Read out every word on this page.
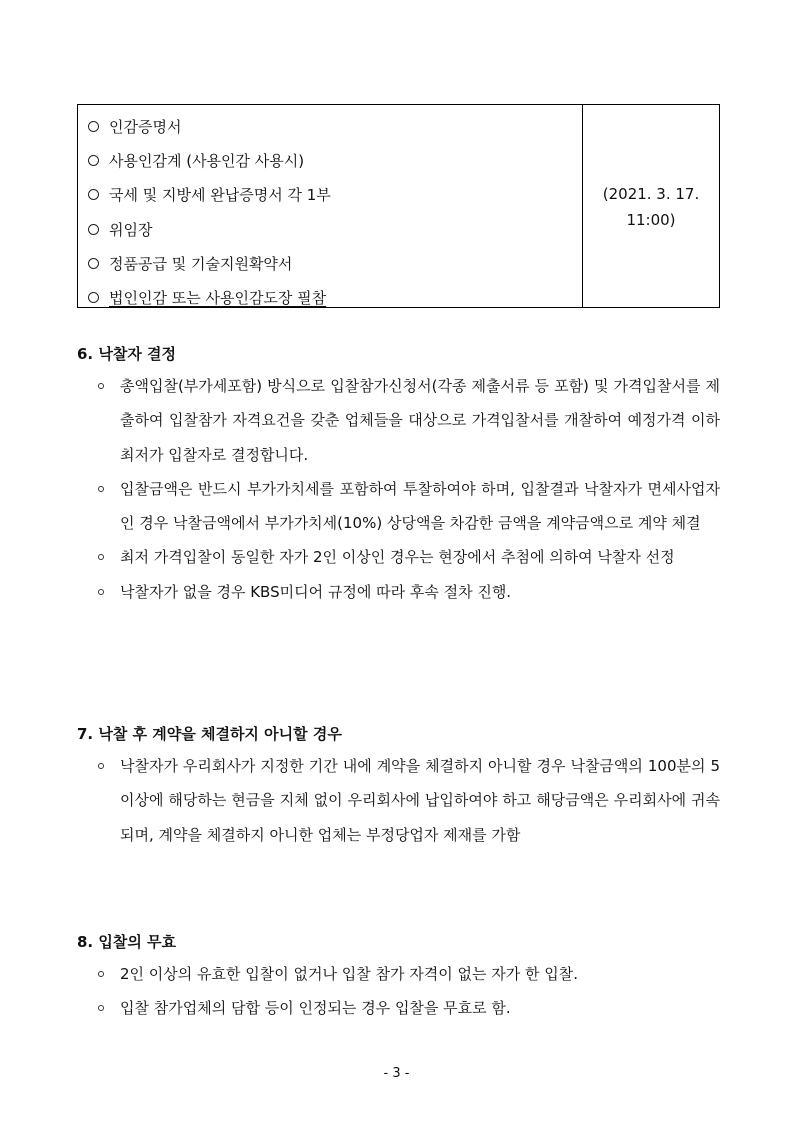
인감증명서
사용인감계 (사용인감 사용시)
국세 및 지방세 완납증명서 각 1부
위임장
정품공급 및 기술지원확약서
법인인감 또는 사용인감도장 필참
(2021. 3. 17.
11:00)
6. 낙찰자 결정
총액입찰(부가세포함) 방식으로 입찰참가신청서(각종 제출서류 등 포함) 및 가격입찰서를 제출하여 입찰참가 자격요건을 갖춘 업체들을 대상으로 가격입찰서를 개찰하여 예정가격 이하 최저가 입찰자로 결정합니다.
입찰금액은 반드시 부가가치세를 포함하여 투찰하여야 하며, 입찰결과 낙찰자가 면세사업자인 경우 낙찰금액에서 부가가치세(10%) 상당액을 차감한 금액을 계약금액으로 계약 체결
최저 가격입찰이 동일한 자가 2인 이상인 경우는 현장에서 추첨에 의하여 낙찰자 선정
낙찰자가 없을 경우 KBS미디어 규정에 따라 후속 절차 진행.
7. 낙찰 후 계약을 체결하지 아니할 경우
낙찰자가 우리회사가 지정한 기간 내에 계약을 체결하지 아니할 경우 낙찰금액의 100분의 5 이상에 해당하는 현금을 지체 없이 우리회사에 납입하여야 하고 해당금액은 우리회사에 귀속되며, 계약을 체결하지 아니한 업체는 부정당업자 제재를 가함
8. 입찰의 무효
2인 이상의 유효한 입찰이 없거나 입찰 참가 자격이 없는 자가 한 입찰.
입찰 참가업체의 담합 등이 인정되는 경우 입찰을 무효로 함.
- 3 -
